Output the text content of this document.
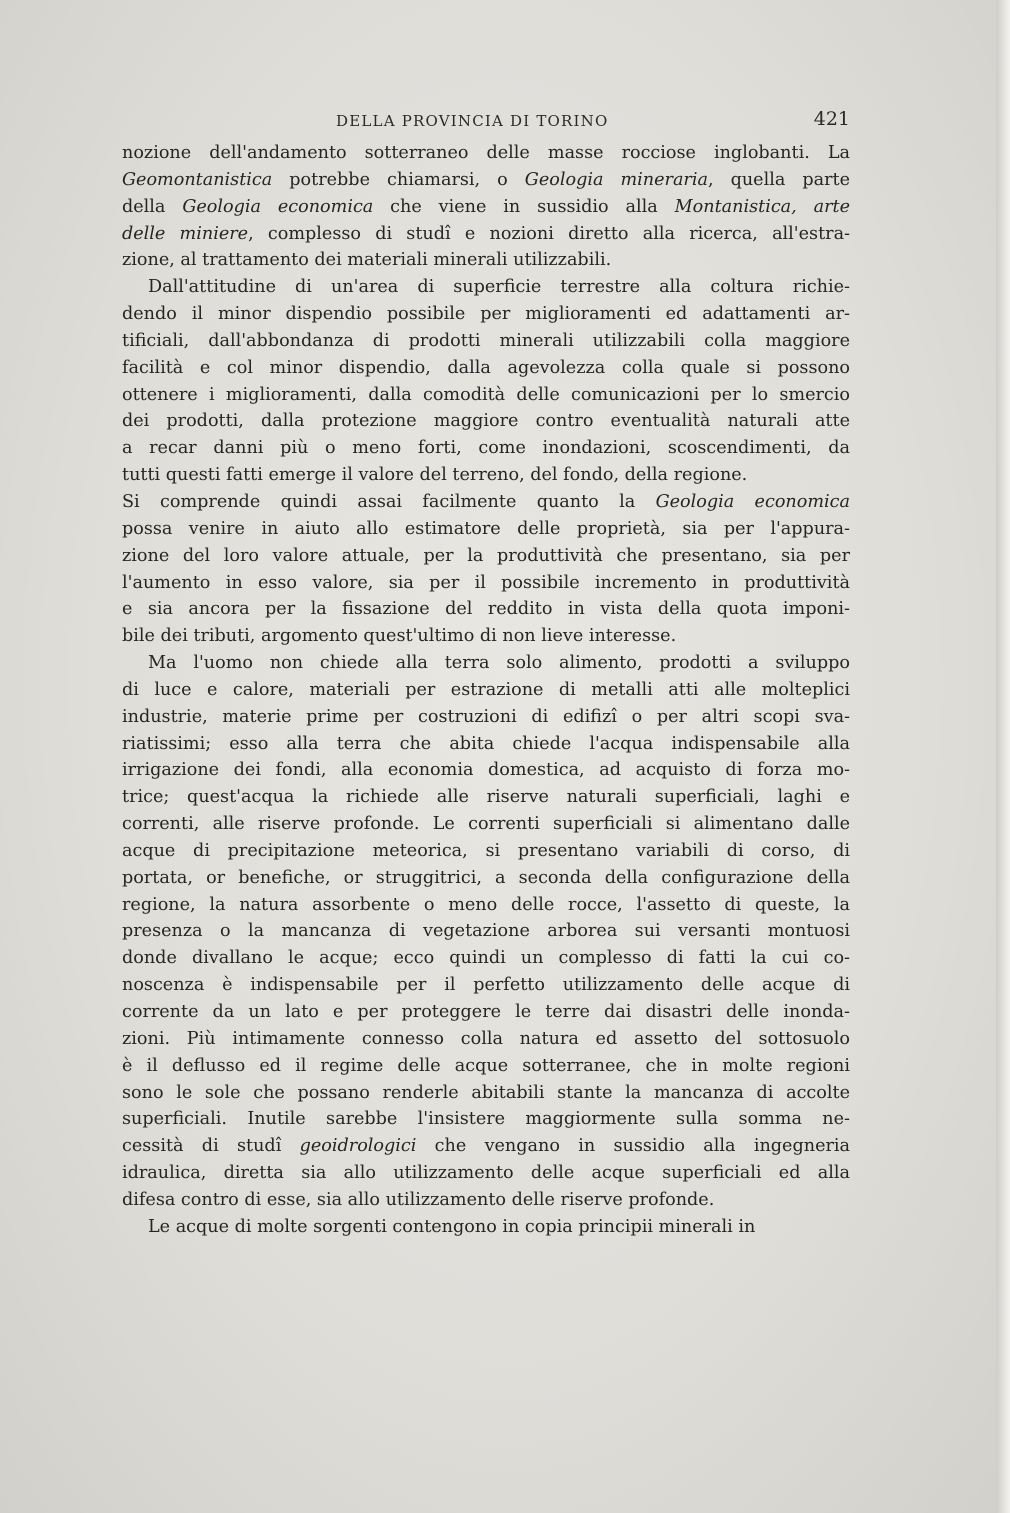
DELLA PROVINCIA DI TORINO	421
nozione dell'andamento sotterraneo delle masse rocciose inglobanti. La
Geomontanistica potrebbe chiamarsi, o Geologia mineraria, quella parte
della Geologia economica che viene in sussidio alla Montanistica, arte
delle miniere, complesso di studî e nozioni diretto alla ricerca, all'estra-
zione, al trattamento dei materiali minerali utilizzabili.
Dall'attitudine di un'area di superficie terrestre alla coltura richie-
dendo il minor dispendio possibile per miglioramenti ed adattamenti ar-
tificiali, dall'abbondanza di prodotti minerali utilizzabili colla maggiore
facilità e col minor dispendio, dalla agevolezza colla quale si possono
ottenere i miglioramenti, dalla comodità delle comunicazioni per lo smercio
dei prodotti, dalla protezione maggiore contro eventualità naturali atte
a recar danni più o meno forti, come inondazioni, scoscendimenti, da
tutti questi fatti emerge il valore del terreno, del fondo, della regione.
Si comprende quindi assai facilmente quanto la Geologia economica
possa venire in aiuto allo estimatore delle proprietà, sia per l'appura-
zione del loro valore attuale, per la produttività che presentano, sia per
l'aumento in esso valore, sia per il possibile incremento in produttività
e sia ancora per la fissazione del reddito in vista della quota imponi-
bile dei tributi, argomento quest'ultimo di non lieve interesse.
Ma l'uomo non chiede alla terra solo alimento, prodotti a sviluppo
di luce e calore, materiali per estrazione di metalli atti alle molteplici
industrie, materie prime per costruzioni di edifizî o per altri scopi sva-
riatissimi; esso alla terra che abita chiede l'acqua indispensabile alla
irrigazione dei fondi, alla economia domestica, ad acquisto di forza mo-
trice; quest'acqua la richiede alle riserve naturali superficiali, laghi e
correnti, alle riserve profonde. Le correnti superficiali si alimentano dalle
acque di precipitazione meteorica, si presentano variabili di corso, di
portata, or benefiche, or struggitrici, a seconda della configurazione della
regione, la natura assorbente o meno delle rocce, l'assetto di queste, la
presenza o la mancanza di vegetazione arborea sui versanti montuosi
donde divallano le acque; ecco quindi un complesso di fatti la cui co-
noscenza è indispensabile per il perfetto utilizzamento delle acque di
corrente da un lato e per proteggere le terre dai disastri delle inonda-
zioni. Più intimamente connesso colla natura ed assetto del sottosuolo
è il deflusso ed il regime delle acque sotterranee, che in molte regioni
sono le sole che possano renderle abitabili stante la mancanza di accolte
superficiali. Inutile sarebbe l'insistere maggiormente sulla somma ne-
cessità di studî geoidrologici che vengano in sussidio alla ingegneria
idraulica, diretta sia allo utilizzamento delle acque superficiali ed alla
difesa contro di esse, sia allo utilizzamento delle riserve profonde.
Le acque di molte sorgenti contengono in copia principii minerali in
